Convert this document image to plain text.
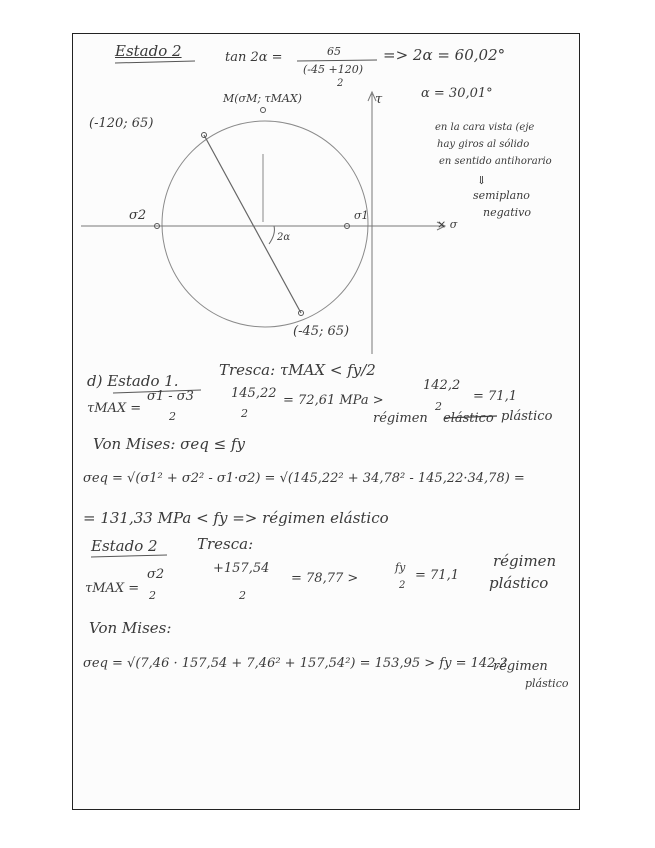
Estado 2	tan 2α =	65
(-45 +120)
2
=> 2α = 60,02°
α = 30,01°
M(σM; τMAX)
(-120; 65)
τ
en la cara vista (eje
hay giros al sólido
en sentido antihorario
⇓
semiplano
negativo
σ2	σ1
× σ
2α
(-45; 65)
d) Estado 1.
Tresca: τMAX < fy/2
τMAX =
σ1 - σ3
2
145,22
2
= 72,61 MPa >
142,2
2
= 71,1
régimen elástico plástico
Von Mises: σeq ≤ fy
σeq = √(σ1² + σ2² - σ1·σ2) = √(145,22² + 34,78² - 145,22·34,78) =
= 131,33 MPa < fy => régimen elástico
Estado 2	Tresca:
τMAX =
σ2
2
+157,54
2
= 78,77 >
fy
2
= 71,1
régimen
plástico
Von Mises:
σeq = √(7,46 · 157,54 + 7,46² + 157,54²) = 153,95 > fy = 142,2
régimen
plástico
